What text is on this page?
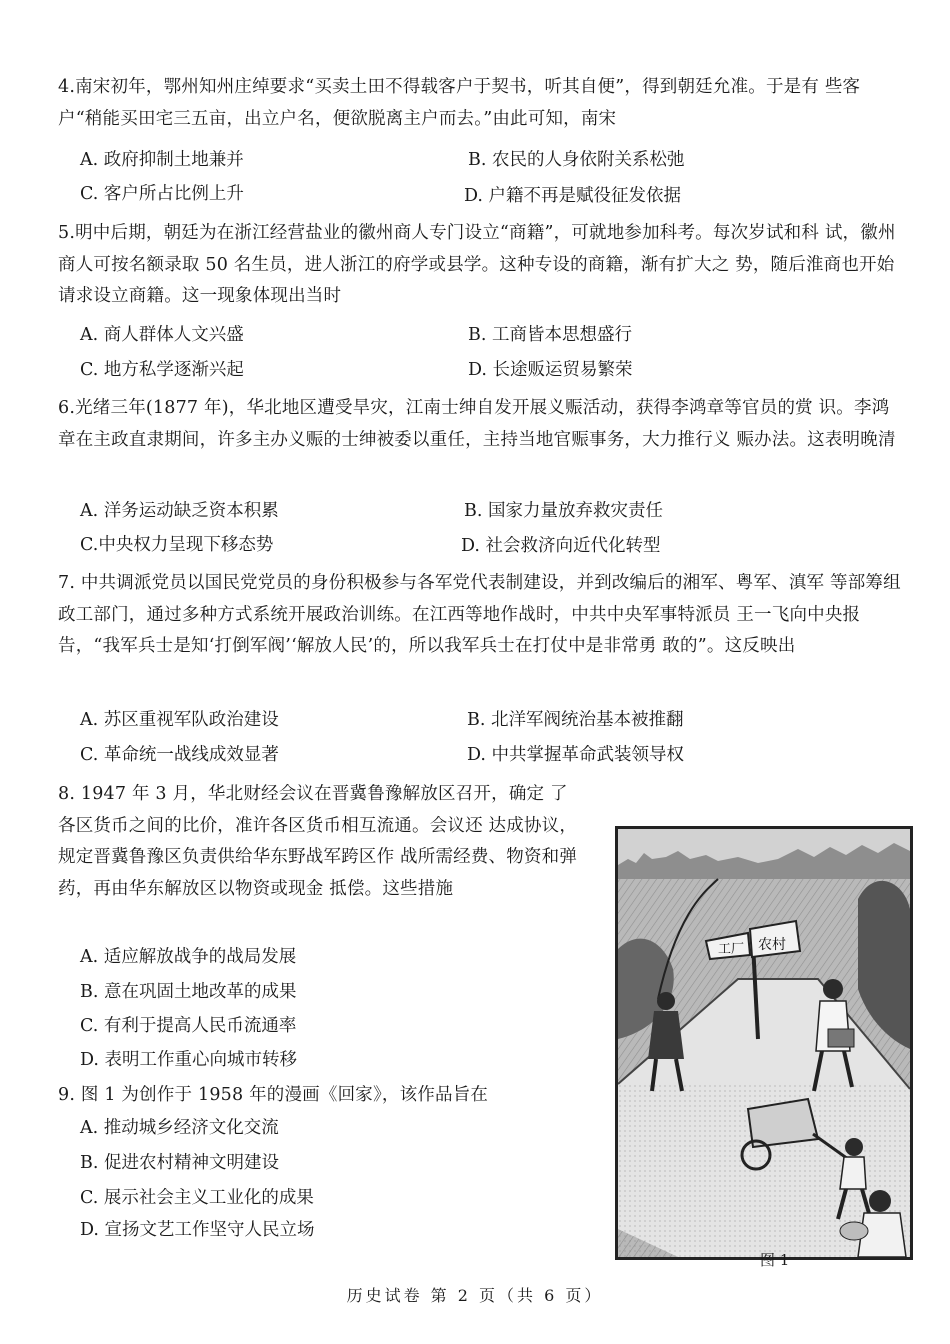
4.南宋初年，鄂州知州庄绰要求“买卖土田不得载客户于契书，听其自便”，得到朝廷允准。于是有 些客户“稍能买田宅三五亩，出立户名，便欲脱离主户而去。”由此可知，南宋
A. 政府抑制土地兼并	B. 农民的人身依附关系松弛
C. 客户所占比例上升	D. 户籍不再是赋役征发依据
5.明中后期，朝廷为在浙江经营盐业的徽州商人专门设立“商籍”，可就地参加科考。每次岁试和科 试，徽州商人可按名额录取 50 名生员，进人浙江的府学或县学。这种专设的商籍，渐有扩大之 势，随后淮商也开始请求设立商籍。这一现象体现出当时
A. 商人群体人文兴盛	B. 工商皆本思想盛行
C. 地方私学逐渐兴起	D. 长途贩运贸易繁荣
6.光绪三年(1877 年)，华北地区遭受旱灾，江南士绅自发开展义赈活动，获得李鸿章等官员的赏 识。李鸿章在主政直隶期间，许多主办义赈的士绅被委以重任，主持当地官赈事务，大力推行义 赈办法。这表明晚清
A. 洋务运动缺乏资本积累	B. 国家力量放弃救灾责任
C.中央权力呈现下移态势	D. 社会救济向近代化转型
7. 中共调派党员以国民党党员的身份积极参与各军党代表制建设，并到改编后的湘军、粤军、滇军 等部筹组政工部门，通过多种方式系统开展政治训练。在江西等地作战时，中共中央军事特派员 王一飞向中央报告，“我军兵士是知‘打倒军阀’‘解放人民’的，所以我军兵士在打仗中是非常勇 敢的”。这反映出
A. 苏区重视军队政治建设	B. 北洋军阀统治基本被推翻
C. 革命统一战线成效显著	D. 中共掌握革命武装领导权
8. 1947 年 3 月，华北财经会议在晋冀鲁豫解放区召开，确定 了各区货币之间的比价，准许各区货币相互流通。会议还 达成协议，规定晋冀鲁豫区负责供给华东野战军跨区作 战所需经费、物资和弹药，再由华东解放区以物资或现金 抵偿。这些措施
A. 适应解放战争的战局发展
B. 意在巩固土地改革的成果
C. 有利于提高人民币流通率
D. 表明工作重心向城市转移
9. 图 1 为创作于 1958 年的漫画《回家》，该作品旨在
A. 推动城乡经济文化交流
B. 促进农村精神文明建设
C. 展示社会主义工业化的成果
D. 宣扬文艺工作坚守人民立场
工厂 农村
图 1
历史试卷 第 2 页（共 6 页）
